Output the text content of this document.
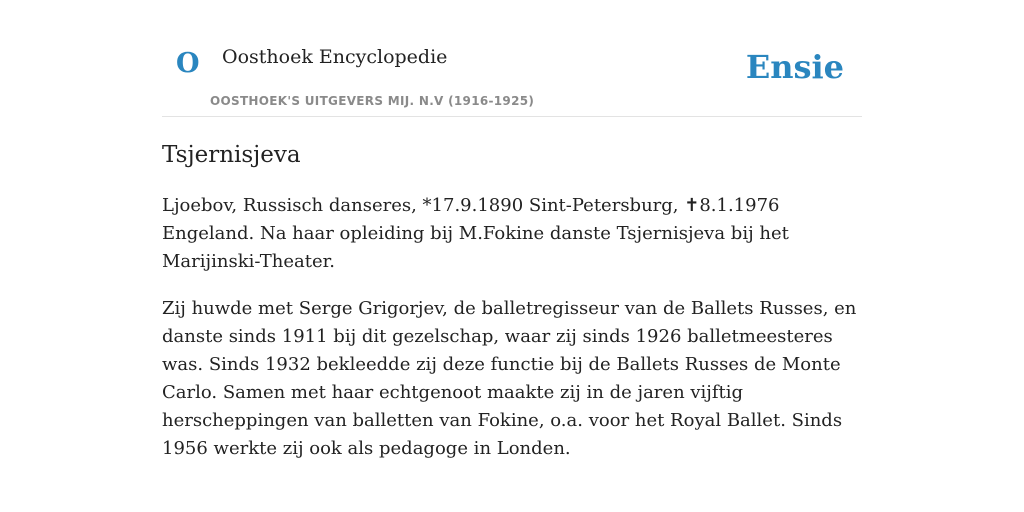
O Oosthoek Encyclopedie
OOSTHOEK'S UITGEVERS MIJ. N.V (1916-1925)
Ensie
Tsjernisjeva

Ljoebov, Russisch danseres, *17.9.1890 Sint-Petersburg, ✝8.1.1976 Engeland. Na haar opleiding bij M.Fokine danste Tsjernisjeva bij het Marijinski-Theater.

Zij huwde met Serge Grigorjev, de balletregisseur van de Ballets Russes, en danste sinds 1911 bij dit gezelschap, waar zij sinds 1926 balletmeesteres was. Sinds 1932 bekleedde zij deze functie bij de Ballets Russes de Monte Carlo. Samen met haar echtgenoot maakte zij in de jaren vijftig herscheppingen van balletten van Fokine, o.a. voor het Royal Ballet. Sinds 1956 werkte zij ook als pedagoge in Londen.
